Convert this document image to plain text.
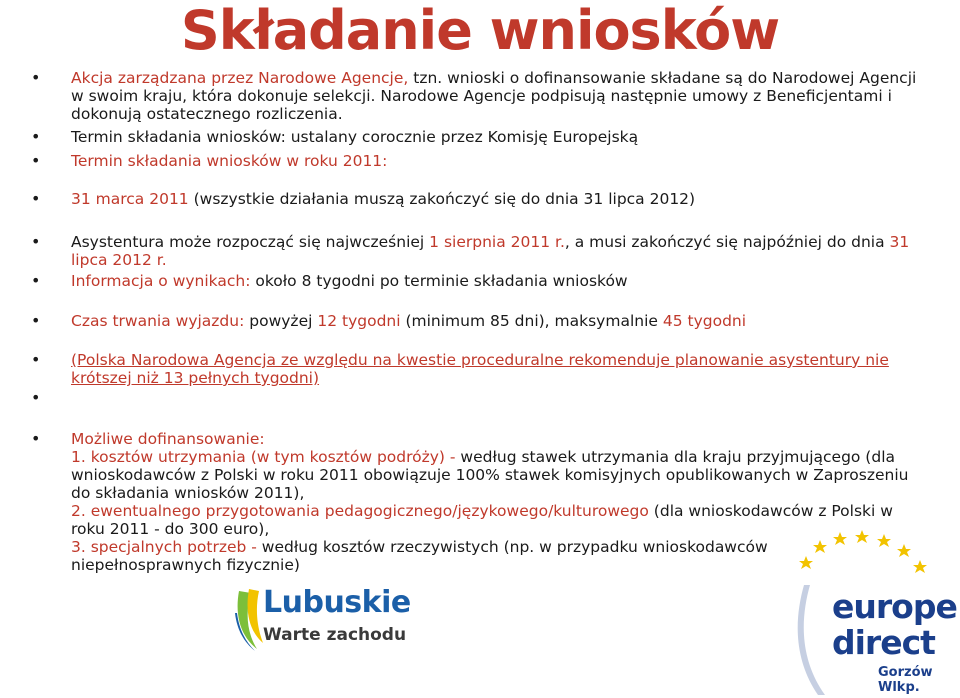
Składanie wniosków
• Akcja zarządzana przez Narodowe Agencje, tzn. wnioski o dofinansowanie składane są do Narodowej Agencji w swoim kraju, która dokonuje selekcji. Narodowe Agencje podpisują następnie umowy z Beneficjentami i dokonują ostatecznego rozliczenia.
• Termin składania wniosków: ustalany corocznie przez Komisję Europejską
• Termin składania wniosków w roku 2011:
• 31 marca 2011 (wszystkie działania muszą zakończyć się do dnia 31 lipca 2012)
• Asystentura może rozpocząć się najwcześniej 1 sierpnia 2011 r., a musi zakończyć się najpóźniej do dnia 31 lipca 2012 r.
• Informacja o wynikach: około 8 tygodni po terminie składania wniosków
• Czas trwania wyjazdu: powyżej 12 tygodni (minimum 85 dni), maksymalnie 45 tygodni
• (Polska Narodowa Agencja ze względu na kwestie proceduralne rekomenduje planowanie asystentury nie krótszej niż 13 pełnych tygodni)
• Możliwe dofinansowanie:
1. kosztów utrzymania (w tym kosztów podróży) - według stawek utrzymania dla kraju przyjmującego (dla wnioskodawców z Polski w roku 2011 obowiązuje 100% stawek komisyjnych opublikowanych w Zaproszeniu do składania wniosków 2011),
2. ewentualnego przygotowania pedagogicznego/językowego/kulturowego (dla wnioskodawców z Polski w roku 2011 - do 300 euro),
3. specjalnych potrzeb - według kosztów rzeczywistych (np. w przypadku wnioskodawców niepełnosprawnych fizycznie)
Lubuskie
Warte zachodu
europe
direct
Gorzów Wlkp.
